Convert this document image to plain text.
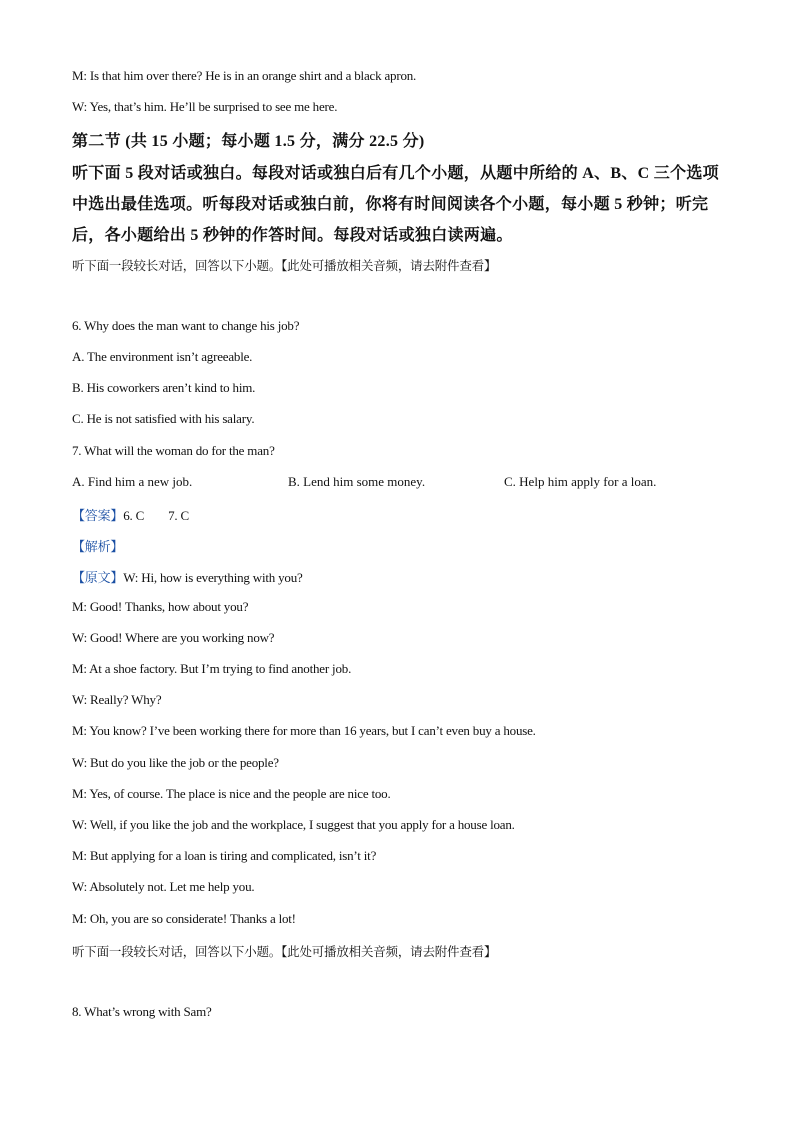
M: Is that him over there? He is in an orange shirt and a black apron.
W: Yes, that’s him. He’ll be surprised to see me here.
第二节 (共 15 小题；每小题 1.5 分，满分 22.5 分)
听下面 5 段对话或独白。每段对话或独白后有几个小题，从题中所给的 A、B、C 三个选项
中选出最佳选项。听每段对话或独白前，你将有时间阅读各个小题，每小题 5 秒钟；听完
后，各小题给出 5 秒钟的作答时间。每段对话或独白读两遍。
听下面一段较长对话，回答以下小题。【此处可播放相关音频，请去附件查看】
6. Why does the man want to change his job?
A. The environment isn’t agreeable.
B. His coworkers aren’t kind to him.
C. He is not satisfied with his salary.
7. What will the woman do for the man?
A. Find him a new job.	B. Lend him some money.	C. Help him apply for a loan.
【答案】6. C 7. C
【解析】
【原文】W: Hi, how is everything with you?
M: Good! Thanks, how about you?
W: Good! Where are you working now?
M: At a shoe factory. But I’m trying to find another job.
W: Really? Why?
M: You know? I’ve been working there for more than 16 years, but I can’t even buy a house.
W: But do you like the job or the people?
M: Yes, of course. The place is nice and the people are nice too.
W: Well, if you like the job and the workplace, I suggest that you apply for a house loan.
M: But applying for a loan is tiring and complicated, isn’t it?
W: Absolutely not. Let me help you.
M: Oh, you are so considerate! Thanks a lot!
听下面一段较长对话，回答以下小题。【此处可播放相关音频，请去附件查看】
8. What’s wrong with Sam?
